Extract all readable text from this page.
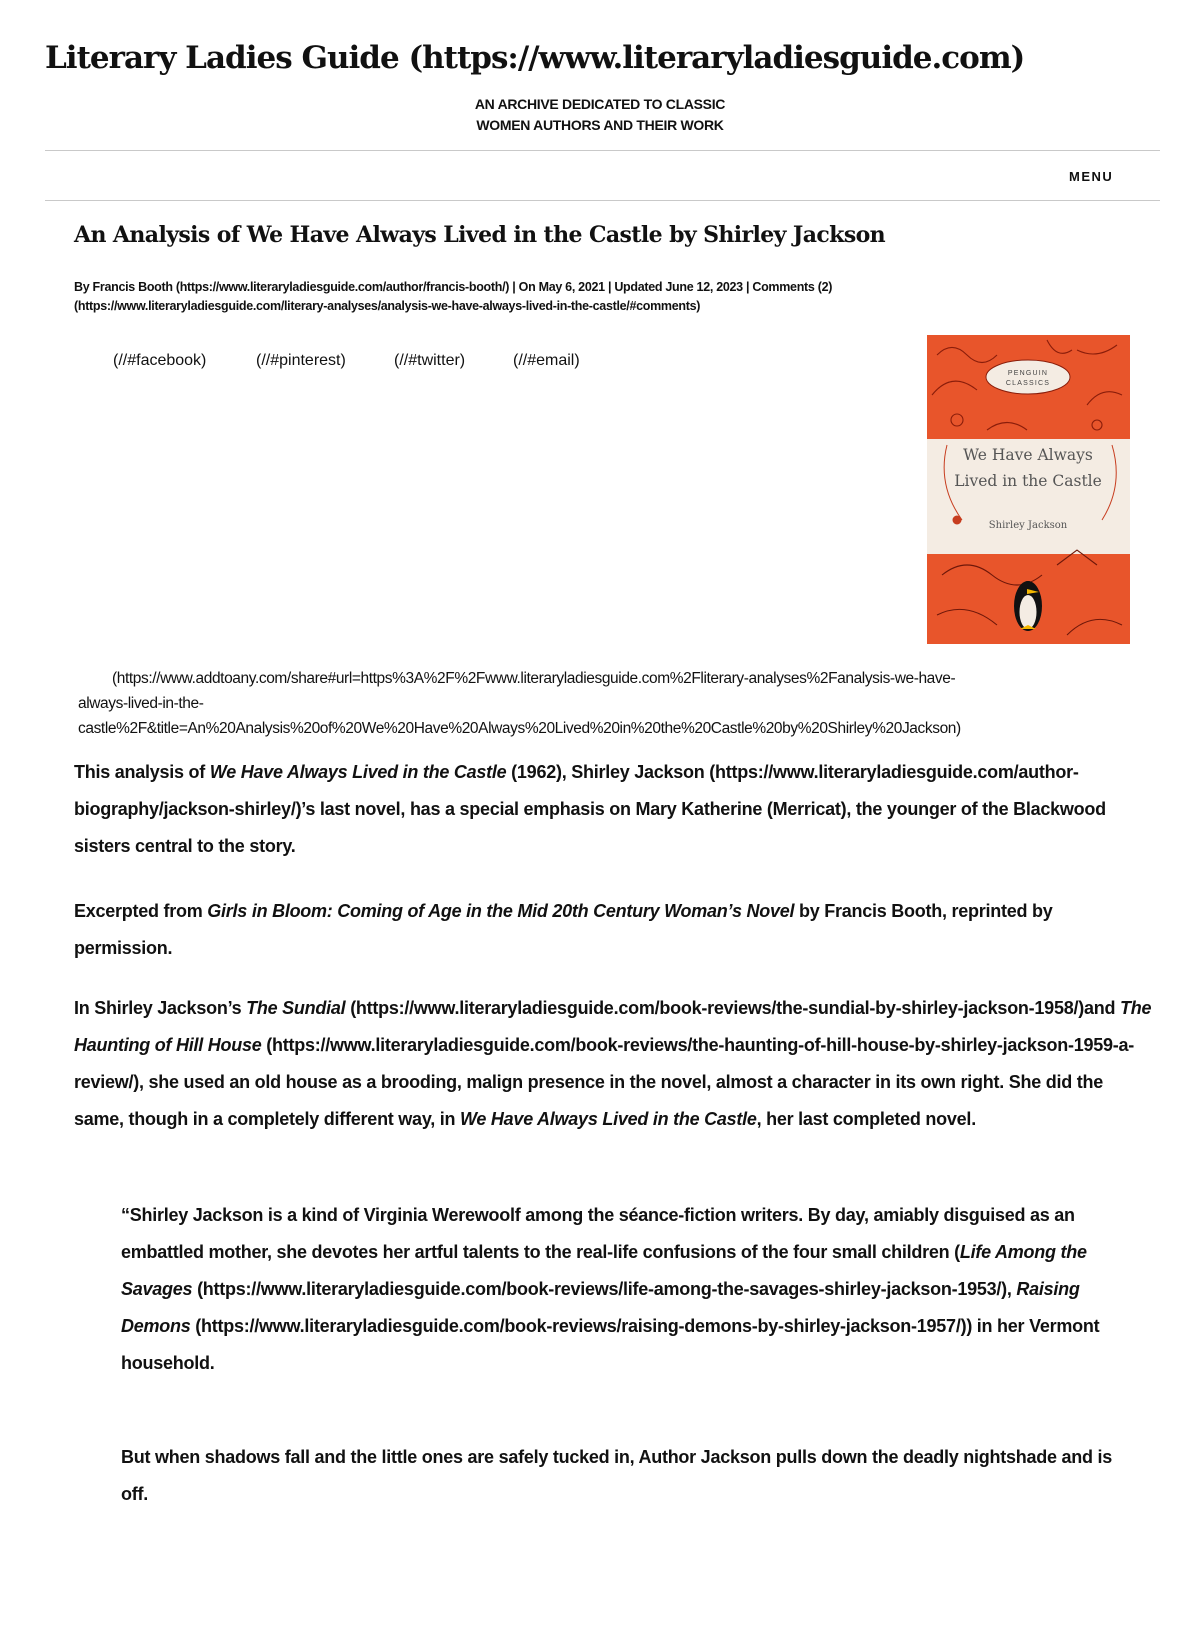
Literary Ladies Guide (https://www.literaryladiesguide.com)
AN ARCHIVE DEDICATED TO CLASSIC
WOMEN AUTHORS AND THEIR WORK
MENU
An Analysis of We Have Always Lived in the Castle by Shirley Jackson
By Francis Booth (https://www.literaryladiesguide.com/author/francis-booth/) | On May 6, 2021 | Updated June 12, 2023 | Comments (2)
(https://www.literaryladiesguide.com/literary-analyses/analysis-we-have-always-lived-in-the-castle/#comments)
(//#facebook)	(//#pinterest)	(//#twitter)	(//#email)
PENGUIN
CLASSICS
We Have Always
Lived in the Castle
Shirley Jackson
(https://www.addtoany.com/share#url=https%3A%2F%2Fwww.literaryladiesguide.com%2Fliterary-analyses%2Fanalysis-we-have-
always-lived-in-the-
castle%2F&title=An%20Analysis%20of%20We%20Have%20Always%20Lived%20in%20the%20Castle%20by%20Shirley%20Jackson)

This analysis of We Have Always Lived in the Castle (1962), Shirley Jackson (https://www.literaryladiesguide.com/author-biography/jackson-shirley/)’s last novel, has a special emphasis on Mary Katherine (Merricat), the younger of the Blackwood sisters central to the story.

Excerpted from Girls in Bloom: Coming of Age in the Mid 20th Century Woman’s Novel by Francis Booth, reprinted by permission.

In Shirley Jackson’s The Sundial (https://www.literaryladiesguide.com/book-reviews/the-sundial-by-shirley-jackson-1958/)and The Haunting of Hill House (https://www.literaryladiesguide.com/book-reviews/the-haunting-of-hill-house-by-shirley-jackson-1959-a-review/), she used an old house as a brooding, malign presence in the novel, almost a character in its own right. She did the same, though in a completely different way, in We Have Always Lived in the Castle, her last completed novel.

“Shirley Jackson is a kind of Virginia Werewoolf among the séance-fiction writers. By day, amiably disguised as an embattled mother, she devotes her artful talents to the real-life confusions of the four small children (Life Among the Savages (https://www.literaryladiesguide.com/book-reviews/life-among-the-savages-shirley-jackson-1953/), Raising Demons (https://www.literaryladiesguide.com/book-reviews/raising-demons-by-shirley-jackson-1957/)) in her Vermont household.
But when shadows fall and the little ones are safely tucked in, Author Jackson pulls down the deadly nightshade and is off.
